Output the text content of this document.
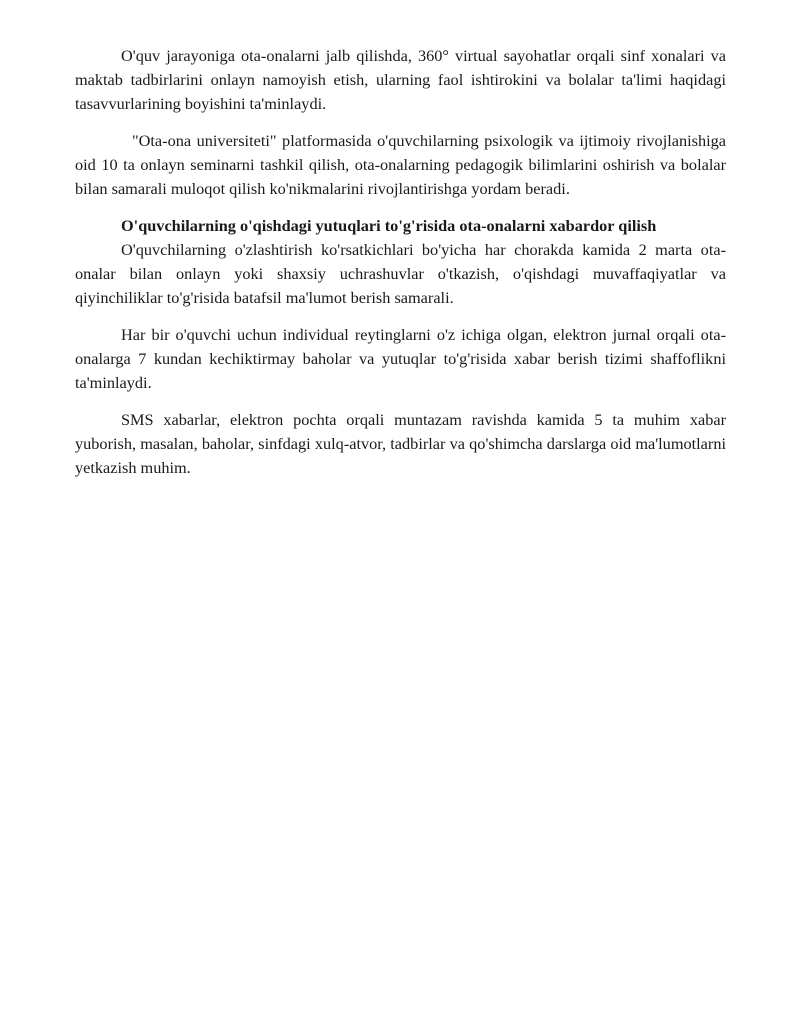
O'quv jarayoniga ota-onalarni jalb qilishda, 360° virtual sayohatlar orqali sinf xonalari va maktab tadbirlarini onlayn namoyish etish, ularning faol ishtirokini va bolalar ta'limi haqidagi tasavvurlarining boyishini ta'minlaydi.

"Ota-ona universiteti" platformasida o'quvchilarning psixologik va ijtimoiy rivojlanishiga oid 10 ta onlayn seminarni tashkil qilish, ota-onalarning pedagogik bilimlarini oshirish va bolalar bilan samarali muloqot qilish ko'nikmalarini rivojlantirishga yordam beradi.

O'quvchilarning o'qishdagi yutuqlari to'g'risida ota-onalarni xabardor qilish

O'quvchilarning o'zlashtirish ko'rsatkichlari bo'yicha har chorakda kamida 2 marta ota-onalar bilan onlayn yoki shaxsiy uchrashuvlar o'tkazish, o'qishdagi muvaffaqiyatlar va qiyinchiliklar to'g'risida batafsil ma'lumot berish samarali.

Har bir o'quvchi uchun individual reytinglarni o'z ichiga olgan, elektron jurnal orqali ota-onalarga 7 kundan kechiktirmay baholar va yutuqlar to'g'risida xabar berish tizimi shaffoflikni ta'minlaydi.

SMS xabarlar, elektron pochta orqali muntazam ravishda kamida 5 ta muhim xabar yuborish, masalan, baholar, sinfdagi xulq-atvor, tadbirlar va qo'shimcha darslarga oid ma'lumotlarni yetkazish muhim.
